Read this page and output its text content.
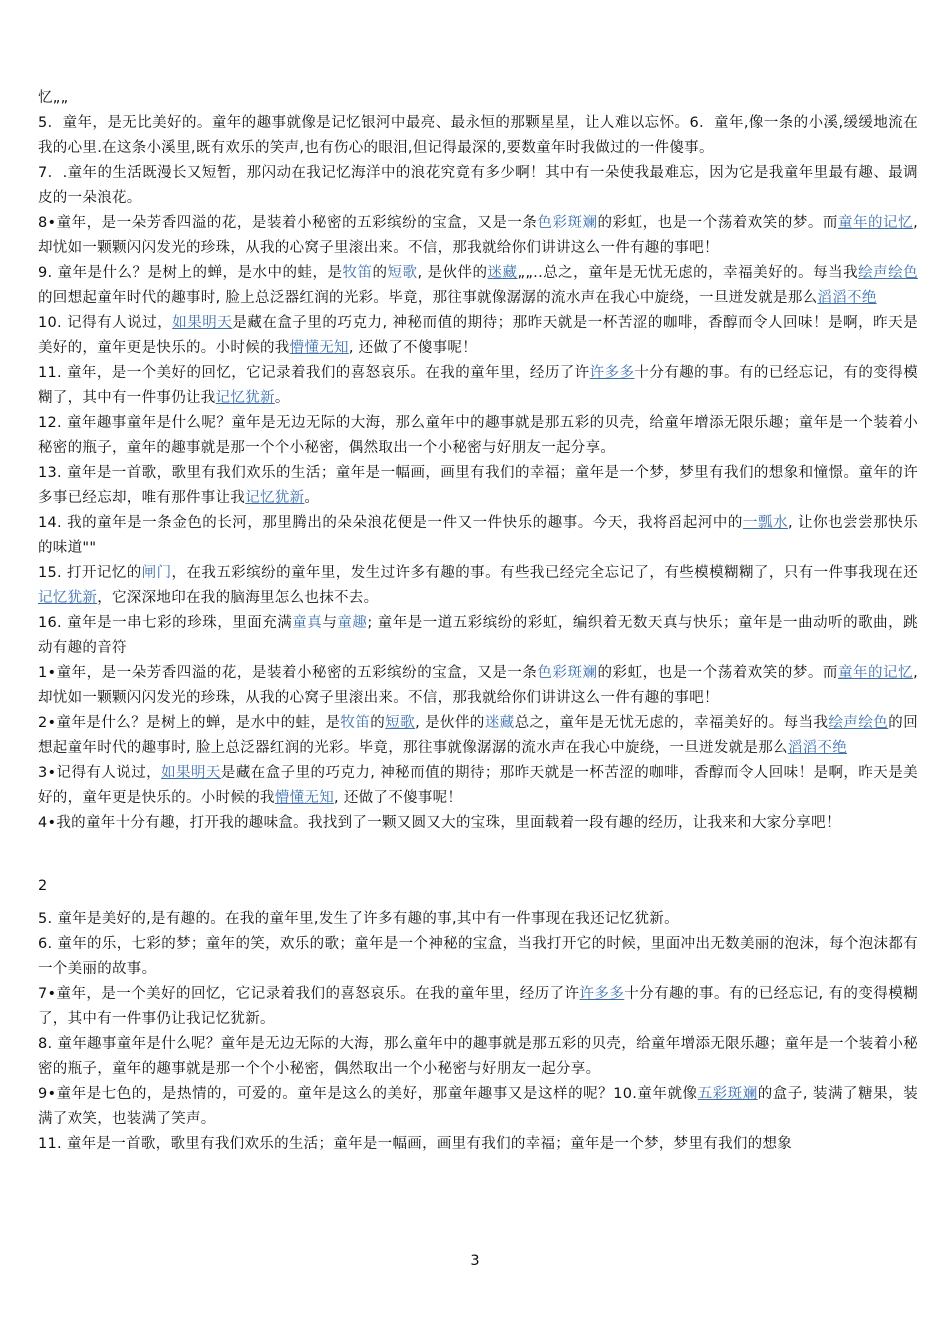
忆„„

5．童年，是无比美好的。童年的趣事就像是记忆银河中最亮、最永恒的那颗星星，让人难以忘怀。6．童年,像一条的小溪,缓缓地流在我的心里.在这条小溪里,既有欢乐的笑声,也有伤心的眼泪,但记得最深的,要数童年时我做过的一件傻事。

7．.童年的生活既漫长又短暂，那闪动在我记忆海洋中的浪花究竟有多少啊！其中有一朵使我最难忘，因为它是我童年里最有趣、最调皮的一朵浪花。

8•童年，是一朵芳香四溢的花，是装着小秘密的五彩缤纷的宝盒，又是一条色彩斑斓的彩虹，也是一个荡着欢笑的梦。而童年的记忆, 却忧如一颗颗闪闪发光的珍珠，从我的心窝子里滚出来。不信，那我就给你们讲讲这么一件有趣的事吧！

9. 童年是什么？是树上的蝉，是水中的蛙，是牧笛的短歌, 是伙伴的迷藏„„..总之，童年是无忧无虑的，幸福美好的。每当我绘声绘色的回想起童年时代的趣事时, 脸上总泛器红润的光彩。毕竟，那往事就像潺潺的流水声在我心中旋绕，一旦迸发就是那么滔滔不绝

10. 记得有人说过，如果明天是藏在盒子里的巧克力, 神秘而值的期待；那昨天就是一杯苦涩的咖啡，香醇而令人回味！是啊，昨天是美好的，童年更是快乐的。小时候的我懵懂无知, 还做了不傻事呢！

11. 童年，是一个美好的回忆，它记录着我们的喜怒哀乐。在我的童年里，经历了许许多多十分有趣的事。有的已经忘记，有的变得模糊了，其中有一件事仍让我记忆犹新。

12. 童年趣事童年是什么呢？童年是无边无际的大海，那么童年中的趣事就是那五彩的贝壳，给童年增添无限乐趣；童年是一个装着小秘密的瓶子，童年的趣事就是那一个个小秘密，偶然取出一个小秘密与好朋友一起分享。

13. 童年是一首歌，歌里有我们欢乐的生活；童年是一幅画，画里有我们的幸福；童年是一个梦，梦里有我们的想象和憧憬。童年的许多事已经忘却，唯有那件事让我记忆犹新。

14. 我的童年是一条金色的长河，那里腾出的朵朵浪花便是一件又一件快乐的趣事。今天，我将舀起河中的一瓢水, 让你也尝尝那快乐的味道""

15. 打开记忆的闸门，在我五彩缤纷的童年里，发生过许多有趣的事。有些我已经完全忘记了，有些模模糊糊了，只有一件事我现在还记忆犹新，它深深地印在我的脑海里怎么也抹不去。

16. 童年是一串七彩的珍珠，里面充满童真与童趣; 童年是一道五彩缤纷的彩虹，编织着无数天真与快乐；童年是一曲动听的歌曲，跳动有趣的音符

1•童年，是一朵芳香四溢的花，是装着小秘密的五彩缤纷的宝盒，又是一条色彩斑斓的彩虹，也是一个荡着欢笑的梦。而童年的记忆, 却忧如一颗颗闪闪发光的珍珠，从我的心窝子里滚出来。不信，那我就给你们讲讲这么一件有趣的事吧！

2•童年是什么？是树上的蝉，是水中的蛙，是牧笛的短歌, 是伙伴的迷藏总之，童年是无忧无虑的，幸福美好的。每当我绘声绘色的回想起童年时代的趣事时, 脸上总泛器红润的光彩。毕竟，那往事就像潺潺的流水声在我心中旋绕，一旦迸发就是那么滔滔不绝

3•记得有人说过，如果明天是藏在盒子里的巧克力, 神秘而值的期待；那昨天就是一杯苦涩的咖啡，香醇而令人回味！是啊，昨天是美好的，童年更是快乐的。小时候的我懵懂无知, 还做了不傻事呢！

4•我的童年十分有趣，打开我的趣味盒。我找到了一颗又圆又大的宝珠，里面载着一段有趣的经历，让我来和大家分享吧！

2

5. 童年是美好的,是有趣的。在我的童年里,发生了许多有趣的事,其中有一件事现在我还记忆犹新。

6. 童年的乐，七彩的梦；童年的笑，欢乐的歌；童年是一个神秘的宝盒，当我打开它的时候，里面冲出无数美丽的泡沫，每个泡沫都有一个美丽的故事。

7•童年，是一个美好的回忆，它记录着我们的喜怒哀乐。在我的童年里，经历了许许多多十分有趣的事。有的已经忘记, 有的变得模糊了，其中有一件事仍让我记忆犹新。

8. 童年趣事童年是什么呢？童年是无边无际的大海，那么童年中的趣事就是那五彩的贝壳，给童年增添无限乐趣；童年是一个装着小秘密的瓶子，童年的趣事就是那一个个小秘密，偶然取出一个小秘密与好朋友一起分享。

9•童年是七色的，是热情的，可爱的。童年是这么的美好，那童年趣事又是这样的呢？10.童年就像五彩斑斓的盒子, 装满了糖果，装满了欢笑，也装满了笑声。

11. 童年是一首歌，歌里有我们欢乐的生活；童年是一幅画，画里有我们的幸福；童年是一个梦，梦里有我们的想象

3
